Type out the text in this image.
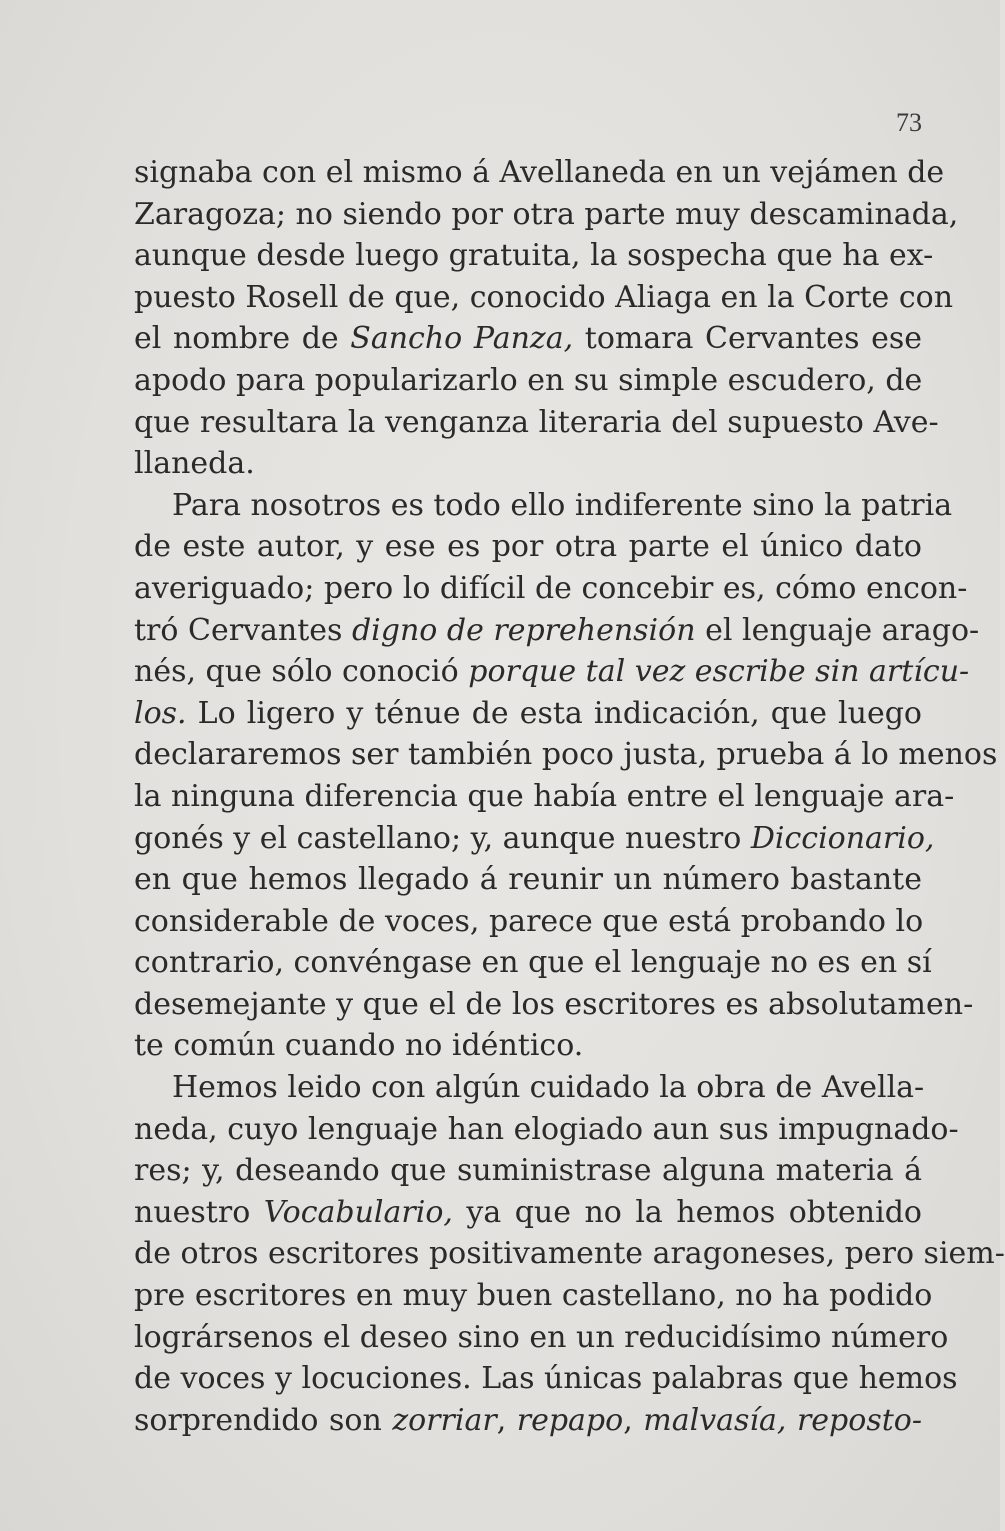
73
signaba con el mismo á Avellaneda en un vejámen de
Zaragoza; no siendo por otra parte muy descaminada,
aunque desde luego gratuita, la sospecha que ha ex-
puesto Rosell de que, conocido Aliaga en la Corte con
el nombre de Sancho Panza, tomara Cervantes ese
apodo para popularizarlo en su simple escudero, de
que resultara la venganza literaria del supuesto Ave-
llaneda.
Para nosotros es todo ello indiferente sino la patria
de este autor, y ese es por otra parte el único dato
averiguado; pero lo difícil de concebir es, cómo encon-
tró Cervantes digno de reprehensión el lenguaje arago-
nés, que sólo conoció porque tal vez escribe sin artícu-
los. Lo ligero y ténue de esta indicación, que luego
declararemos ser también poco justa, prueba á lo menos
la ninguna diferencia que había entre el lenguaje ara-
gonés y el castellano; y, aunque nuestro Diccionario,
en que hemos llegado á reunir un número bastante
considerable de voces, parece que está probando lo
contrario, convéngase en que el lenguaje no es en sí
desemejante y que el de los escritores es absolutamen-
te común cuando no idéntico.
Hemos leido con algún cuidado la obra de Avella-
neda, cuyo lenguaje han elogiado aun sus impugnado-
res; y, deseando que suministrase alguna materia á
nuestro Vocabulario, ya que no la hemos obtenido
de otros escritores positivamente aragoneses, pero siem-
pre escritores en muy buen castellano, no ha podido
logrársenos el deseo sino en un reducidísimo número
de voces y locuciones. Las únicas palabras que hemos
sorprendido son zorriar, repapo, malvasía, reposto-
